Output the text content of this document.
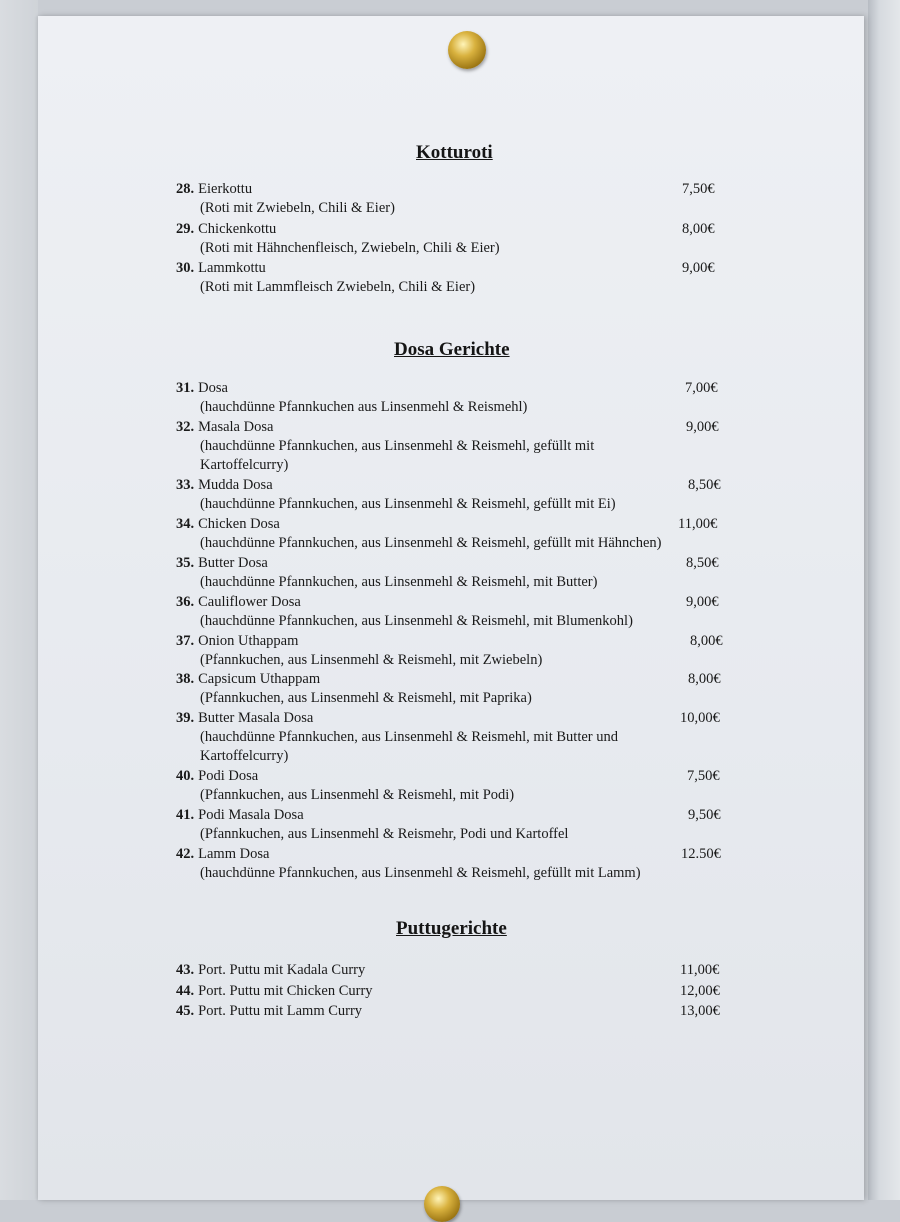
Kotturoti
Dosa Gerichte
Puttugerichte
28. Eierkottu
(Roti mit Zwiebeln, Chili & Eier)
7,50€
29. Chickenkottu
(Roti mit Hähnchenfleisch, Zwiebeln, Chili & Eier)
8,00€
30. Lammkottu
(Roti mit Lammfleisch Zwiebeln, Chili & Eier)
9,00€
31. Dosa
(hauchdünne Pfannkuchen aus Linsenmehl & Reismehl)
7,00€
32. Masala Dosa
(hauchdünne Pfannkuchen, aus Linsenmehl & Reismehl, gefüllt mit
Kartoffelcurry)
9,00€
33. Mudda Dosa
(hauchdünne Pfannkuchen, aus Linsenmehl & Reismehl, gefüllt mit Ei)
8,50€
34. Chicken Dosa
(hauchdünne Pfannkuchen, aus Linsenmehl & Reismehl, gefüllt mit Hähnchen)
11,00€
35. Butter Dosa
(hauchdünne Pfannkuchen, aus Linsenmehl & Reismehl, mit Butter)
8,50€
36. Cauliflower Dosa
(hauchdünne Pfannkuchen, aus Linsenmehl & Reismehl, mit Blumenkohl)
9,00€
37. Onion Uthappam
(Pfannkuchen, aus Linsenmehl & Reismehl, mit Zwiebeln)
8,00€
38. Capsicum Uthappam
(Pfannkuchen, aus Linsenmehl & Reismehl, mit Paprika)
8,00€
39. Butter Masala Dosa
(hauchdünne Pfannkuchen, aus Linsenmehl & Reismehl, mit Butter und
Kartoffelcurry)
10,00€
40. Podi Dosa
(Pfannkuchen, aus Linsenmehl & Reismehl, mit Podi)
7,50€
41. Podi Masala Dosa
(Pfannkuchen, aus Linsenmehl & Reismehr, Podi und Kartoffel
9,50€
42. Lamm Dosa
(hauchdünne Pfannkuchen, aus Linsenmehl & Reismehl, gefüllt mit Lamm)
12.50€
43. Port. Puttu mit Kadala Curry	11,00€
44. Port. Puttu mit Chicken Curry	12,00€
45. Port. Puttu mit Lamm Curry	13,00€
